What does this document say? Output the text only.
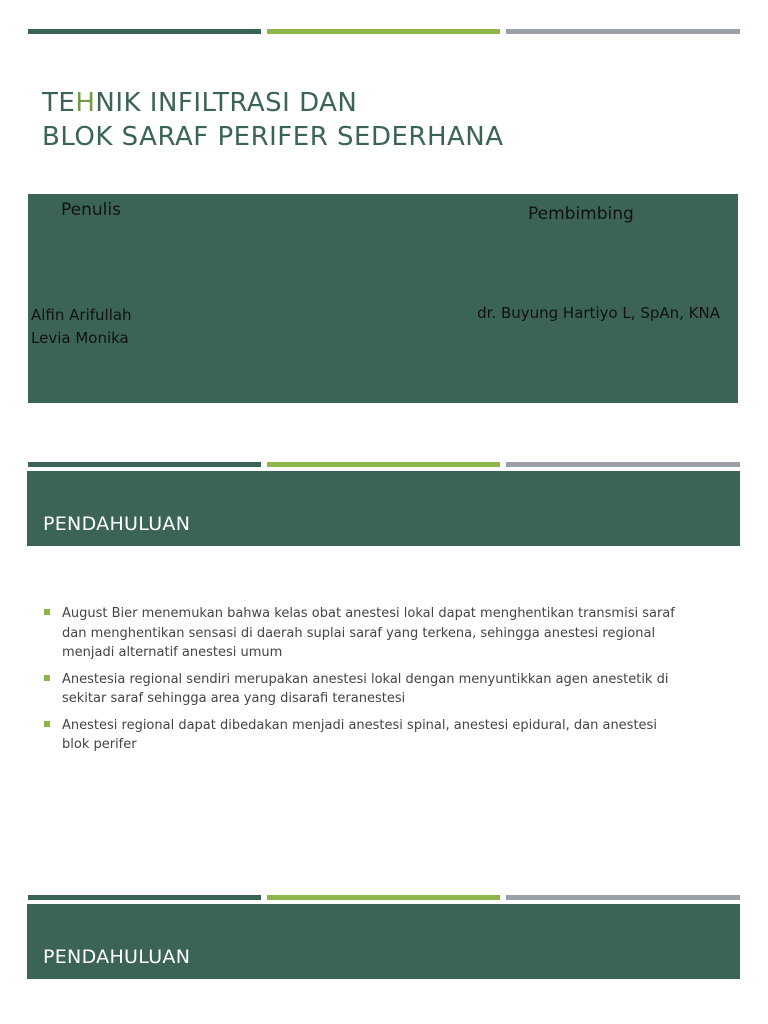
TEHNIK INFILTRASI DAN
BLOK SARAF PERIFER SEDERHANA
Penulis	Pembimbing
Alfin Arifullah
Levia Monika
dr. Buyung Hartiyo L, SpAn, KNA
PENDAHULUAN
August Bier menemukan bahwa kelas obat anestesi lokal dapat menghentikan transmisi saraf dan menghentikan sensasi di daerah suplai saraf yang terkena, sehingga anestesi regional menjadi alternatif anestesi umum
Anestesia regional sendiri merupakan anestesi lokal dengan menyuntikkan agen anestetik di sekitar saraf sehingga area yang disarafi teranestesi
Anestesi regional dapat dibedakan menjadi anestesi spinal, anestesi epidural, dan anestesi blok perifer
PENDAHULUAN
